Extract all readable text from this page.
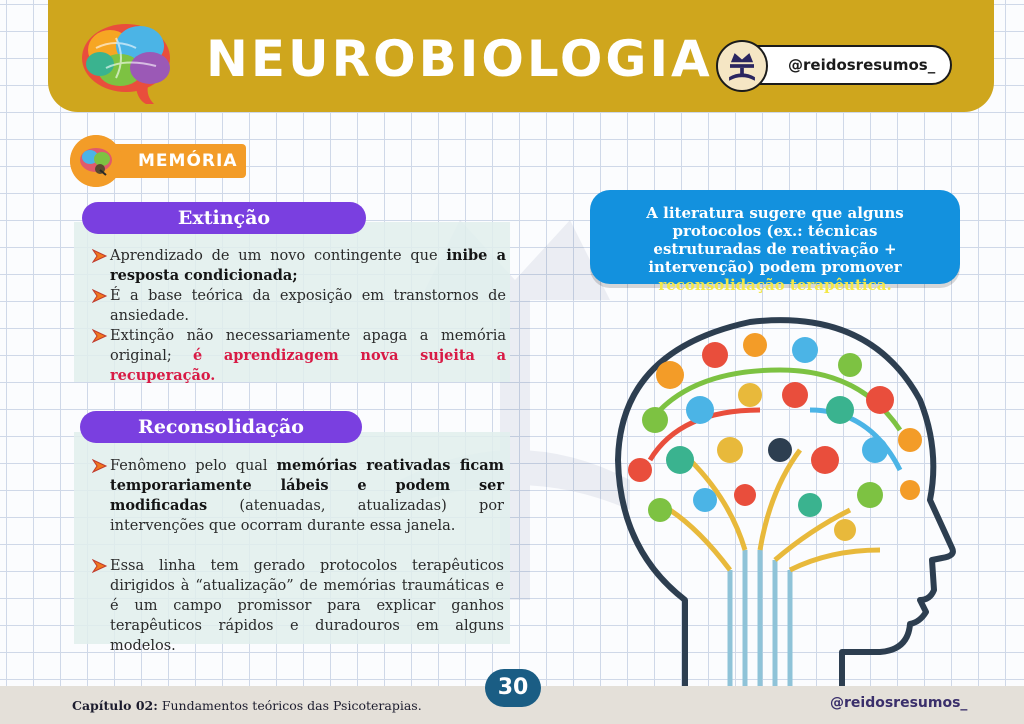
NEUROBIOLOGIA	@reidosresumos_
MEMÓRIA
Extinção
Aprendizado de um novo contingente que inibe a resposta condicionada;
É a base teórica da exposição em transtornos de ansiedade.
Extinção não necessariamente apaga a memória original; é aprendizagem nova sujeita a recuperação.
Reconsolidação
Fenômeno pelo qual memórias reativadas ficam temporariamente lábeis e podem ser modificadas (atenuadas, atualizadas) por intervenções que ocorram durante essa janela.
Essa linha tem gerado protocolos terapêuticos dirigidos à “atualização” de memórias traumáticas e é um campo promissor para explicar ganhos terapêuticos rápidos e duradouros em alguns modelos.
A literatura sugere que alguns protocolos (ex.: técnicas estruturadas de reativação + intervenção) podem promover reconsolidação terapêutica.
Capítulo 02: Fundamentos teóricos das Psicoterapias.	@reidosresumos_
30
